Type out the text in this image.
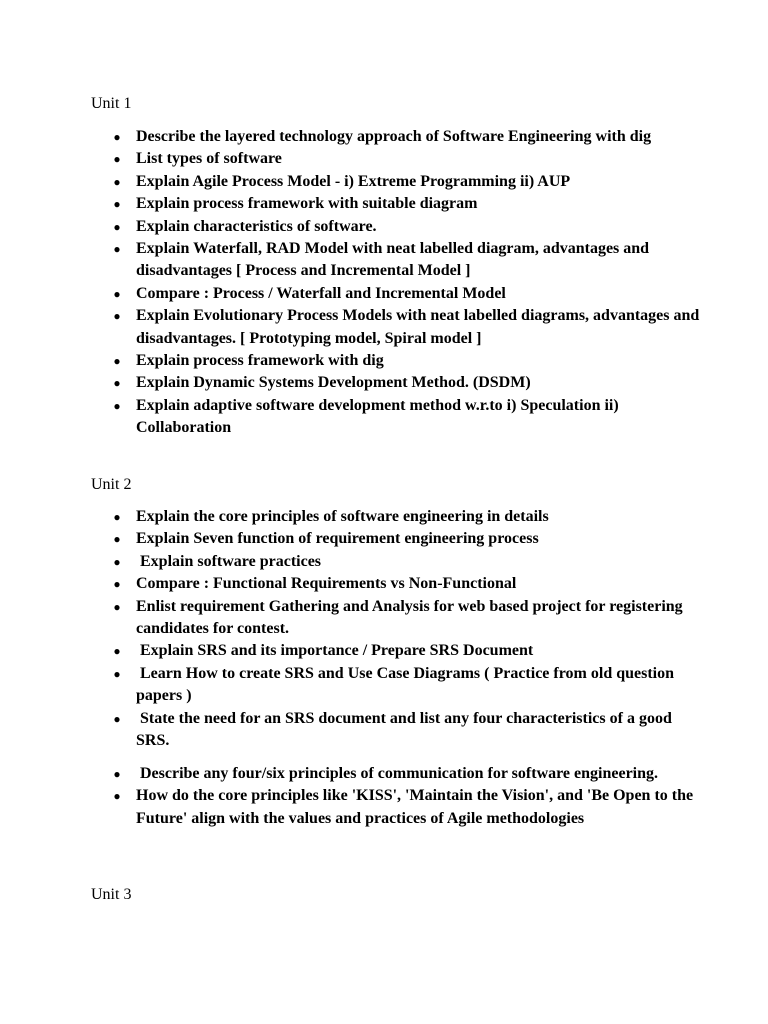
Unit 1
● Describe the layered technology approach of Software Engineering with dig
● List types of software
● Explain Agile Process Model - i) Extreme Programming ii) AUP
● Explain process framework with suitable diagram
● Explain characteristics of software.
● Explain Waterfall, RAD Model with neat labelled diagram, advantages and disadvantages [ Process and Incremental Model ]
● Compare : Process / Waterfall and Incremental Model
● Explain Evolutionary Process Models with neat labelled diagrams, advantages and disadvantages. [ Prototyping model, Spiral model ]
● Explain process framework with dig
● Explain Dynamic Systems Development Method. (DSDM)
● Explain adaptive software development method w.r.to i) Speculation ii) Collaboration
Unit 2
● Explain the core principles of software engineering in details
● Explain Seven function of requirement engineering process
● Explain software practices
● Compare : Functional Requirements vs Non-Functional
● Enlist requirement Gathering and Analysis for web based project for registering candidates for contest.
● Explain SRS and its importance / Prepare SRS Document
● Learn How to create SRS and Use Case Diagrams ( Practice from old question papers )
● State the need for an SRS document and list any four characteristics of a good SRS.
● Describe any four/six principles of communication for software engineering.
● How do the core principles like 'KISS', 'Maintain the Vision', and 'Be Open to the Future' align with the values and practices of Agile methodologies
Unit 3
